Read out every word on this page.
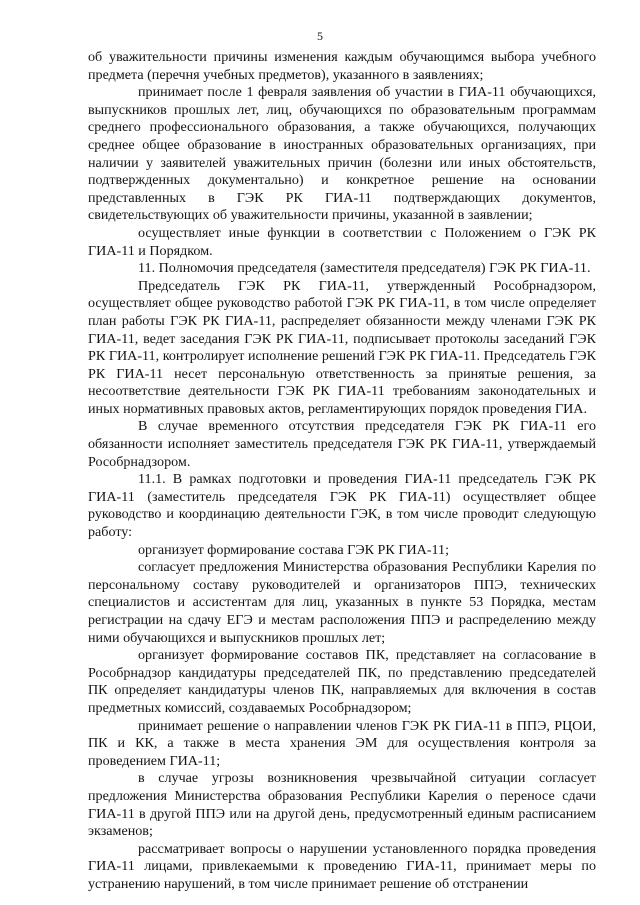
5

об уважительности причины изменения каждым обучающимся выбора учебного предмета (перечня учебных предметов), указанного в заявлениях;

принимает после 1 февраля заявления об участии в ГИА-11 обучающихся, выпускников прошлых лет, лиц, обучающихся по образовательным программам среднего профессионального образования, а также обучающихся, получающих среднее общее образование в иностранных образовательных организациях, при наличии у заявителей уважительных причин (болезни или иных обстоятельств, подтвержденных документально) и конкретное решение на основании представленных в ГЭК РК ГИА-11 подтверждающих документов, свидетельствующих об уважительности причины, указанной в заявлении;

осуществляет иные функции в соответствии с Положением о ГЭК РК ГИА-11 и Порядком.

11. Полномочия председателя (заместителя председателя) ГЭК РК ГИА-11.

Председатель ГЭК РК ГИА-11, утвержденный Рособрнадзором, осуществляет общее руководство работой ГЭК РК ГИА-11, в том числе определяет план работы ГЭК РК ГИА-11, распределяет обязанности между членами ГЭК РК ГИА-11, ведет заседания ГЭК РК ГИА-11, подписывает протоколы заседаний ГЭК РК ГИА-11, контролирует исполнение решений ГЭК РК ГИА-11. Председатель ГЭК РК ГИА-11 несет персональную ответственность за принятые решения, за несоответствие деятельности ГЭК РК ГИА-11 требованиям законодательных и иных нормативных правовых актов, регламентирующих порядок проведения ГИА.

В случае временного отсутствия председателя ГЭК РК ГИА-11 его обязанности исполняет заместитель председателя ГЭК РК ГИА-11, утверждаемый Рособрнадзором.

11.1. В рамках подготовки и проведения ГИА-11 председатель ГЭК РК ГИА-11 (заместитель председателя ГЭК РК ГИА-11) осуществляет общее руководство и координацию деятельности ГЭК, в том числе проводит следующую работу:

организует формирование состава ГЭК РК ГИА-11;

согласует предложения Министерства образования Республики Карелия по персональному составу руководителей и организаторов ППЭ, технических специалистов и ассистентам для лиц, указанных в пункте 53 Порядка, местам регистрации на сдачу ЕГЭ и местам расположения ППЭ и распределению между ними обучающихся и выпускников прошлых лет;

организует формирование составов ПК, представляет на согласование в Рособрнадзор кандидатуры председателей ПК, по представлению председателей ПК определяет кандидатуры членов ПК, направляемых для включения в состав предметных комиссий, создаваемых Рособрнадзором;

принимает решение о направлении членов ГЭК РК ГИА-11 в ППЭ, РЦОИ, ПК и КК, а также в места хранения ЭМ для осуществления контроля за проведением ГИА-11;

в случае угрозы возникновения чрезвычайной ситуации согласует предложения Министерства образования Республики Карелия о переносе сдачи ГИА-11 в другой ППЭ или на другой день, предусмотренный единым расписанием экзаменов;

рассматривает вопросы о нарушении установленного порядка проведения ГИА-11 лицами, привлекаемыми к проведению ГИА-11, принимает меры по устранению нарушений, в том числе принимает решение об отстранении
